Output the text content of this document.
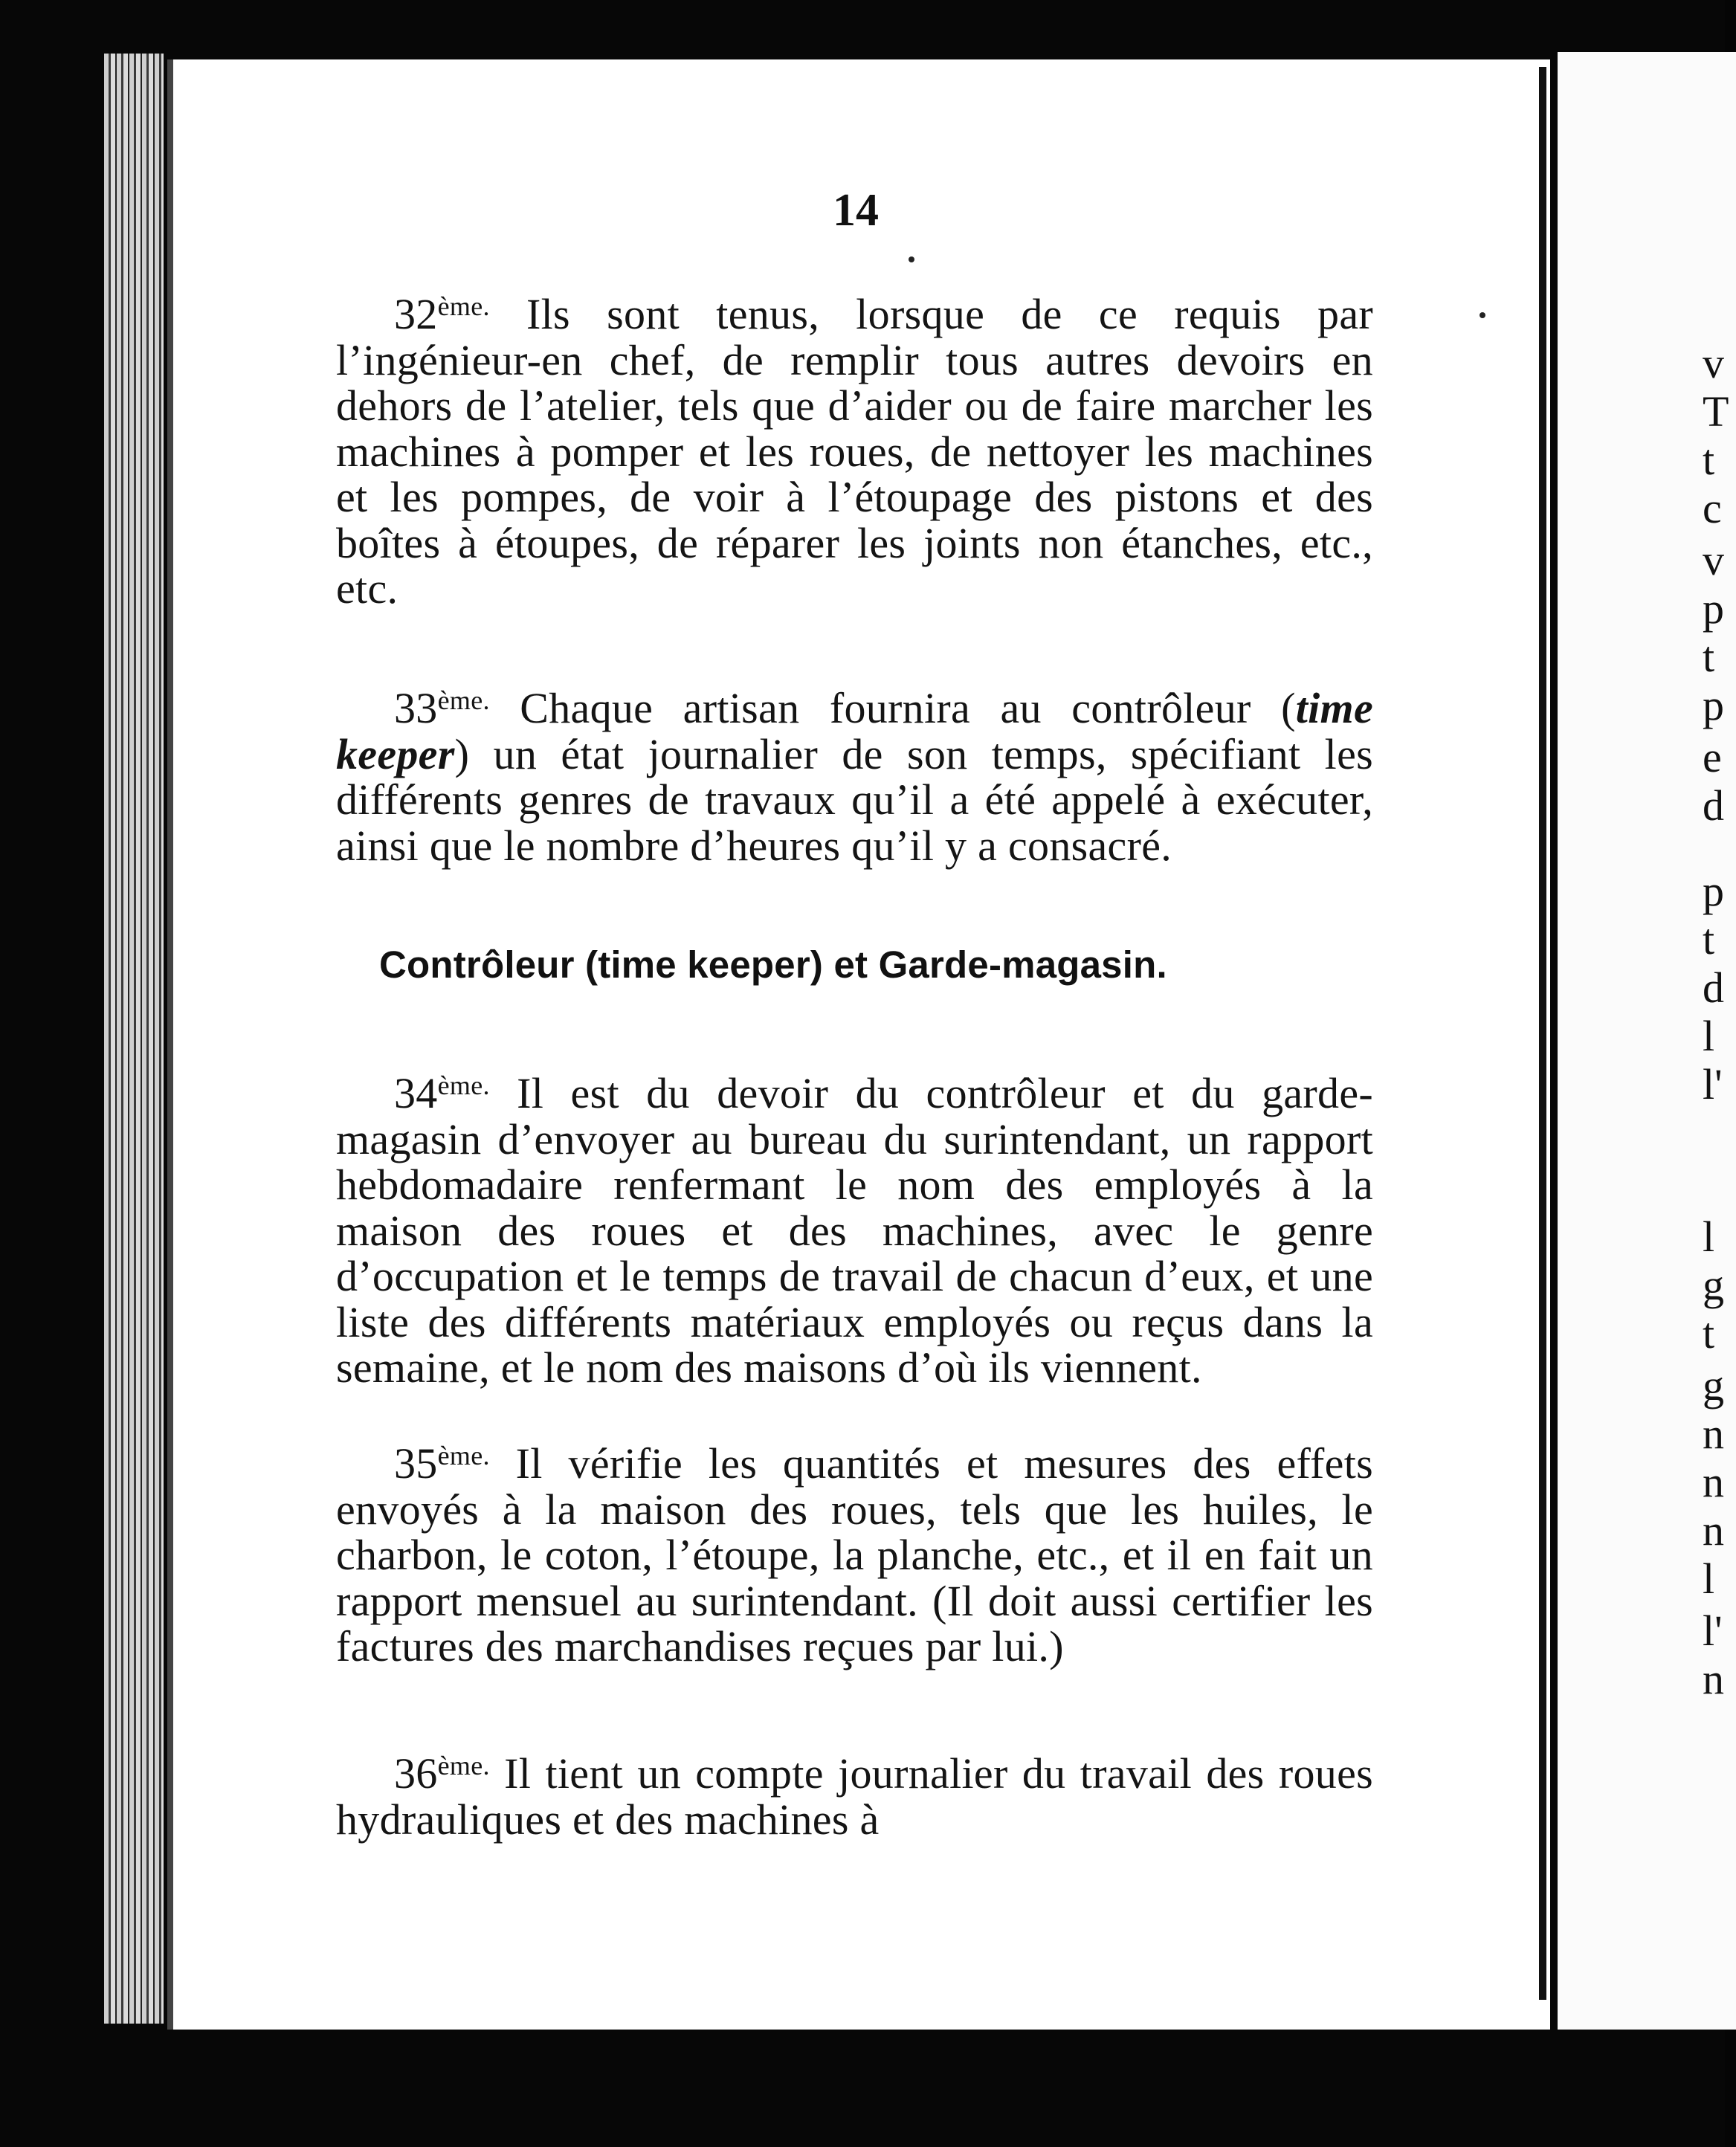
14
$32^{ème.}$ Ils sont tenus, lorsque de ce requis par l’ingénieur-en chef, de remplir tous autres devoirs en dehors de l’atelier, tels que d’aider ou de faire marcher les machines à pomper et les roues, de nettoyer les machines et les pompes, de voir à l’étoupage des pistons et des boîtes à étoupes, de réparer les joints non étanches, etc., etc.
$33^{ème.}$ Chaque artisan fournira au contrôleur (time keeper) un état journalier de son temps, spécifiant les différents genres de travaux qu’il a été appelé à exécuter, ainsi que le nombre d’heures qu’il y a consacré.
Contrôleur (time keeper) et Garde-magasin.
$34^{ème.}$ Il est du devoir du contrôleur et du garde-magasin d’envoyer au bureau du surintendant, un rapport hebdomadaire renfermant le nom des employés à la maison des roues et des machines, avec le genre d’occupation et le temps de travail de chacun d’eux, et une liste des différents matériaux employés ou reçus dans la semaine, et le nom des maisons d’où ils viennent.
$35^{ème.}$ Il vérifie les quantités et mesures des effets envoyés à la maison des roues, tels que les huiles, le charbon, le coton, l’étoupe, la planche, etc., et il en fait un rapport mensuel au surintendant. (Il doit aussi certifier les factures des marchandises reçues par lui.)
$36^{ème.}$ Il tient un compte journalier du travail des roues hydrauliques et des machines à
v
T
t
c
v
p
t
p
e
d
p
t
d
l
l'
l
g
t
g
n
n
n
l
l'
n
